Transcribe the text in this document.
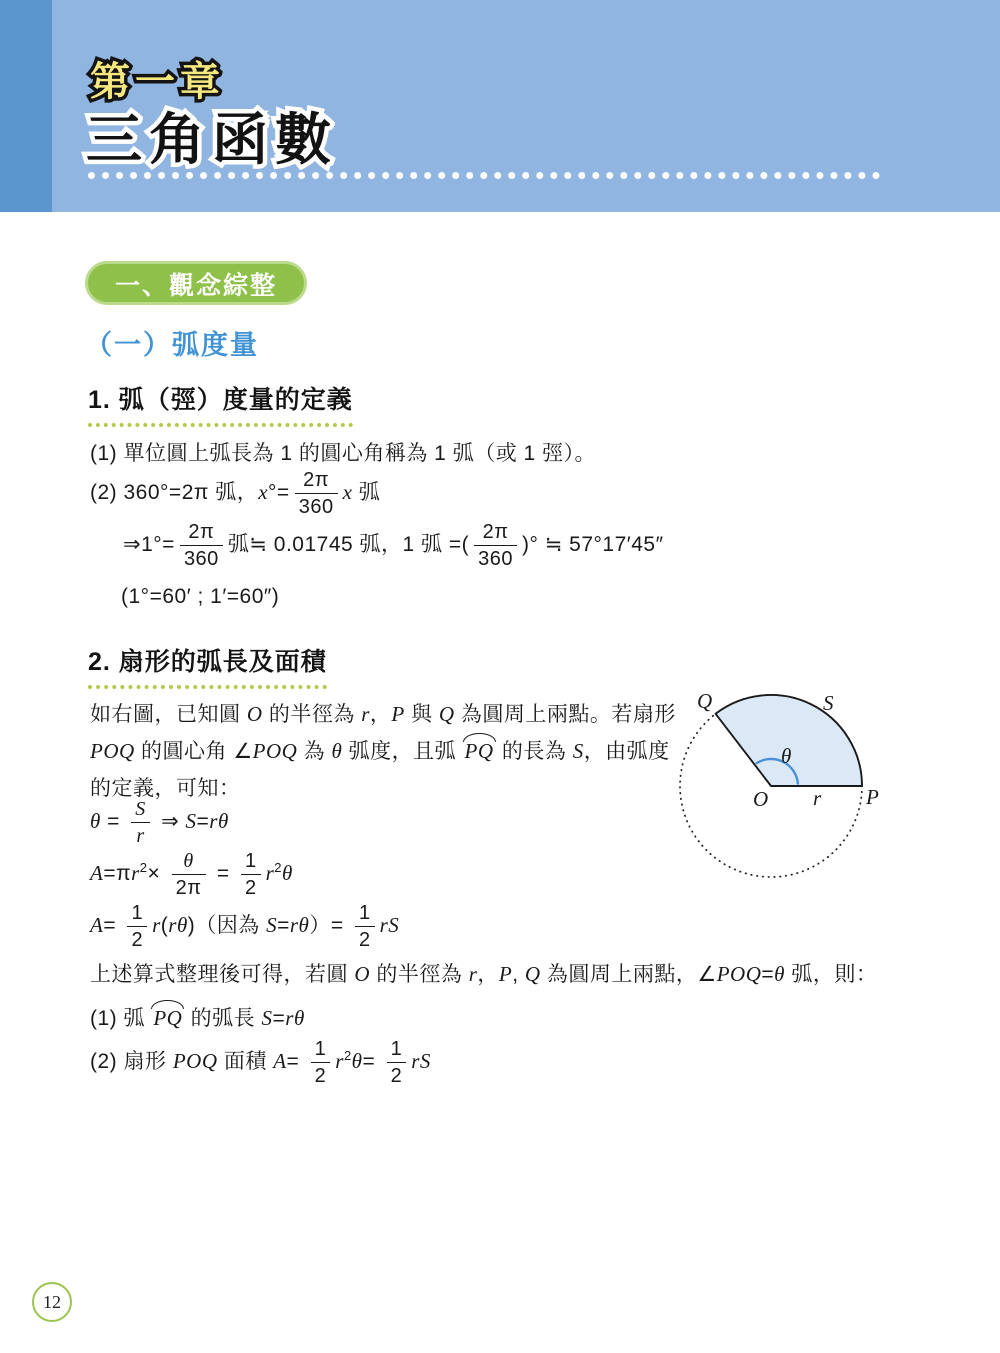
第一章
三角函數
一、觀念綜整
（一）弧度量
1. 弧（弳）度量的定義

(1) 單位圓上弧長為 1 的圓心角稱為 1 弧（或 1 弳）。

(2) 360°=2π 弧，$x^\circ= \frac{2\pi}{360}$ x 弧

⇒1°= $\frac{2\pi}{360}$ 弧≒ 0.01745 弧，1 弧 =( $\frac{2\pi}{360}$ )° ≒ 57°17′45″

(1°=60′ ; 1′=60″)

2. 扇形的弧長及面積

如右圖，已知圓 O 的半徑為 r，P 與 Q 為圓周上兩點。若扇形

POQ 的圓心角 ∠POQ 為 θ 弧度，且弧 PQ 的長為 S，由弧度

的定義，可知：

$\theta = \frac{S}{r}$ ⇒ S=rθ

$A=\pi r^2\times \frac{\theta}{2\pi} = \frac{1}{2} r^2\theta$

$A= \frac{1}{2} r(r\theta)$（因為 $S=r\theta)= \frac{1}{2}$ rS

上述算式整理後可得，若圓 O 的半徑為 r，P, Q 為圓周上兩點，∠POQ=θ 弧，則：

(1) 弧 PQ 的弧長 S=rθ

(2) 扇形 POQ 面積 $A= \frac{1}{2} r^2\theta= \frac{1}{2}$ rS

Q	S
θ
O r P
12
